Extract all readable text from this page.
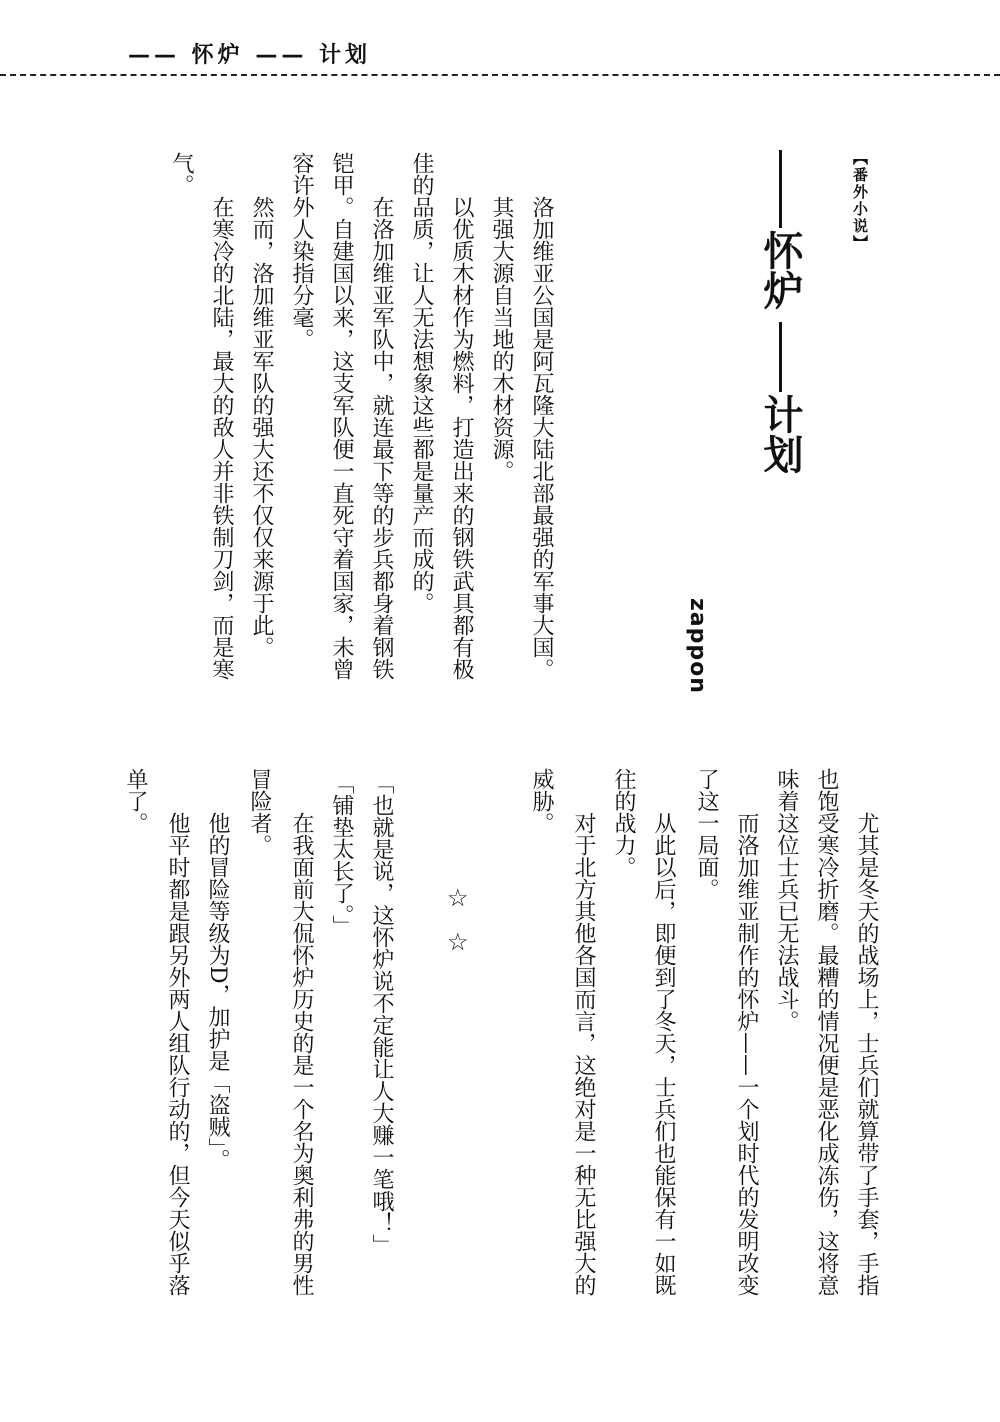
—— 怀炉 —— 计划
【番外小说】
怀炉
计划
zappon
洛加维亚公国是阿瓦隆大陆北部最强的军事大国。
其强大源自当地的木材资源。
以优质木材作为燃料，打造出来的钢铁武具都有极
佳的品质，让人无法想象这些都是量产而成的。
在洛加维亚军队中，就连最下等的步兵都身着钢铁
铠甲。自建国以来，这支军队便一直死守着国家，未曾
容许外人染指分毫。
然而，洛加维亚军队的强大还不仅仅来源于此。
在寒冷的北陆，最大的敌人并非铁制刀剑，而是寒
气。
尤其是冬天的战场上，士兵们就算带了手套，手指
也饱受寒冷折磨。最糟的情况便是恶化成冻伤，这将意
味着这位士兵已无法战斗。
而洛加维亚制作的怀炉——一个划时代的发明改变
了这一局面。
从此以后，即便到了冬天，士兵们也能保有一如既
往的战力。
对于北方其他各国而言，这绝对是一种无比强大的
威胁。
☆
☆
「也就是说，这怀炉说不定能让人大赚一笔哦！」
「铺垫太长了。」
在我面前大侃怀炉历史的是一个名为奥利弗的男性
冒险者。
他的冒险等级为D，加护是「盗贼」。
他平时都是跟另外两人组队行动的，但今天似乎落
单了。
